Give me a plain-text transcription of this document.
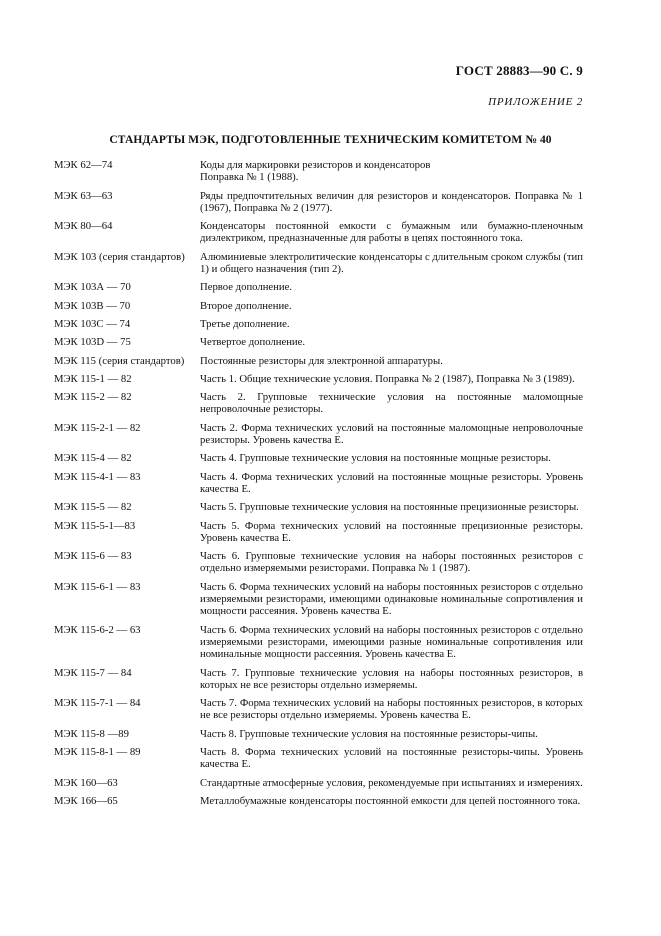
ГОСТ 28883—90 С. 9
ПРИЛОЖЕНИЕ 2
СТАНДАРТЫ МЭК, ПОДГОТОВЛЕННЫЕ ТЕХНИЧЕСКИМ КОМИТЕТОМ № 40
МЭК 62—74	Коды для маркировки резисторов и конденсаторов
Поправка № 1 (1988).
МЭК 63—63	Ряды предпочтительных величин для резисторов и конденсаторов. Поправка № 1 (1967), Поправка № 2 (1977).
МЭК 80—64	Конденсаторы постоянной емкости с бумажным или бумажно-пленочным диэлектриком, предназначенные для работы в цепях постоянного тока.
МЭК 103 (серия стандартов)	Алюминиевые электролитические конденсаторы с длительным сроком службы (тип 1) и общего назначения (тип 2).
МЭК 103А — 70	Первое дополнение.
МЭК 103В — 70	Второе дополнение.
МЭК 103С — 74	Третье дополнение.
МЭК 103D — 75	Четвертое дополнение.
МЭК 115 (серия стандартов)	Постоянные резисторы для электронной аппаратуры.
МЭК 115-1 — 82	Часть 1. Общие технические условия. Поправка № 2 (1987), Поправка № 3 (1989).
МЭК 115-2 — 82	Часть 2. Групповые технические условия на постоянные маломощные непроволочные резисторы.
МЭК 115-2-1 — 82	Часть 2. Форма технических условий на постоянные маломощные непроволочные резисторы. Уровень качества Е.
МЭК 115-4 — 82	Часть 4. Групповые технические условия на постоянные мощные резисторы.
МЭК 115-4-1 — 83	Часть 4. Форма технических условий на постоянные мощные резисторы. Уровень качества Е.
МЭК 115-5 — 82	Часть 5. Групповые технические условия на постоянные прецизионные резисторы.
МЭК 115-5-1—83	Часть 5. Форма технических условий на постоянные прецизионные резисторы. Уровень качества Е.
МЭК 115-6 — 83	Часть 6. Групповые технические условия на наборы постоянных резисторов с отдельно измеряемыми резисторами. Поправка № 1 (1987).
МЭК 115-6-1 — 83	Часть 6. Форма технических условий на наборы постоянных резисторов с отдельно измеряемыми резисторами, имеющими одинаковые номинальные сопротивления и мощности рассеяния. Уровень качества Е.
МЭК 115-6-2 — 63	Часть 6. Форма технических условий на наборы постоянных резисторов с отдельно измеряемыми резисторами, имеющими разные номинальные сопротивления или номинальные мощности рассеяния. Уровень качества Е.
МЭК 115-7 — 84	Часть 7. Групповые технические условия на наборы постоянных резисторов, в которых не все резисторы отдельно измеряемы.
МЭК 115-7-1 — 84	Часть 7. Форма технических условий на наборы постоянных резисторов, в которых не все резисторы отдельно измеряемы. Уровень качества Е.
МЭК 115-8 —89	Часть 8. Групповые технические условия на постоянные резисторы-чипы.
МЭК 115-8-1 — 89	Часть 8. Форма технических условий на постоянные резисторы-чипы. Уровень качества Е.
МЭК 160—63	Стандартные атмосферные условия, рекомендуемые при испытаниях и измерениях.
МЭК 166—65	Металлобумажные конденсаторы постоянной емкости для цепей постоянного тока.
